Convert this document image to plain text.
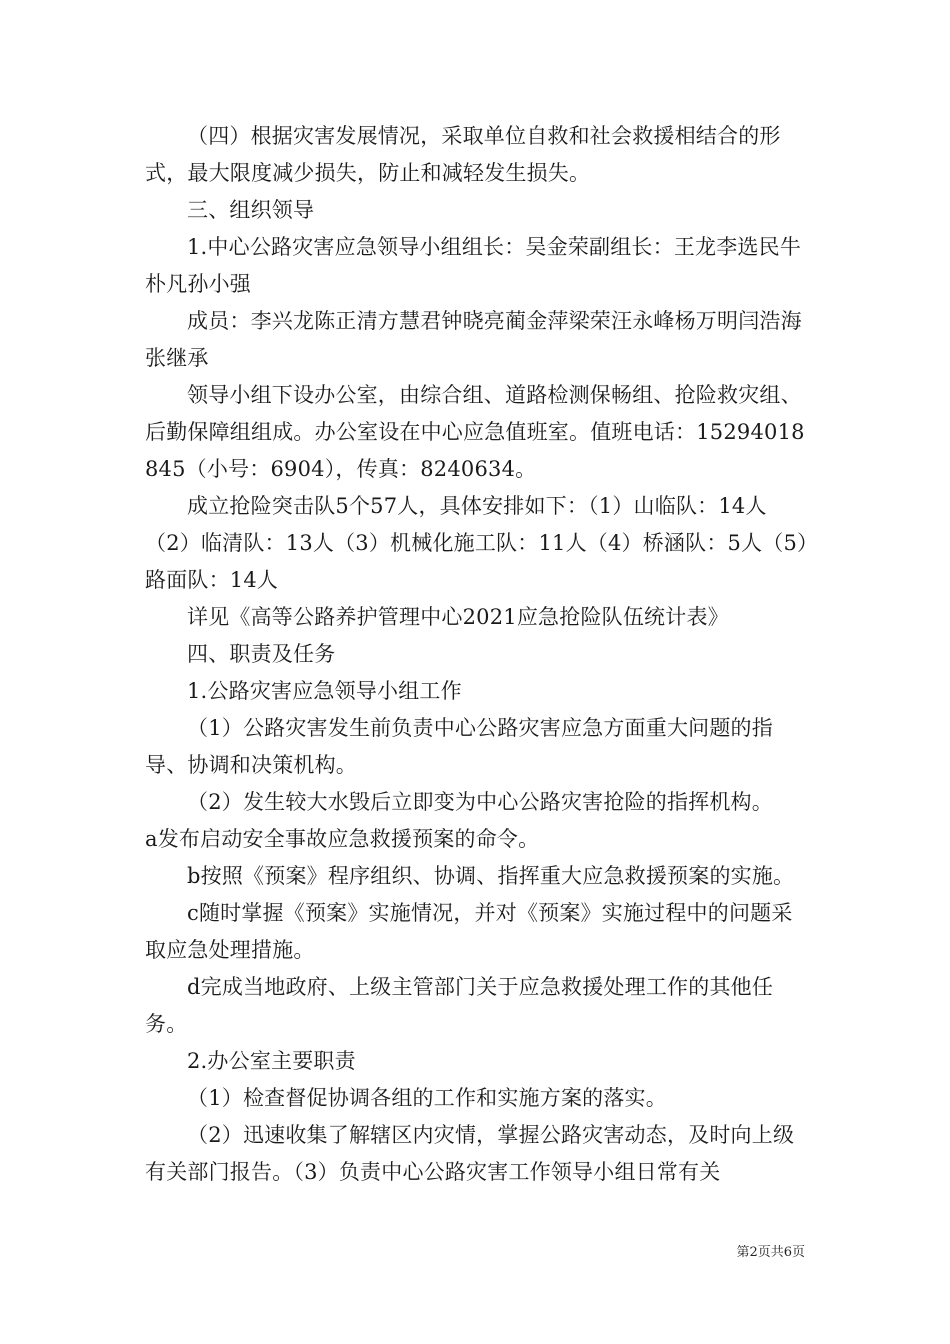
（四）根据灾害发展情况，采取单位自救和社会救援相结合的形式，最大限度减少损失，防止和减轻发生损失。

三、组织领导

1.中心公路灾害应急领导小组组长：吴金荣副组长：王龙李选民牛朴凡孙小强

成员：李兴龙陈正清方慧君钟晓亮蔺金萍梁荣汪永峰杨万明闫浩海张继承

领导小组下设办公室，由综合组、道路检测保畅组、抢险救灾组、后勤保障组组成。办公室设在中心应急值班室。值班电话：15294018845（小号：6904），传真：8240634。

成立抢险突击队5个57人，具体安排如下：（1）山临队：14人（2）临清队：13人（3）机械化施工队：11人（4）桥涵队：5人（5）路面队：14人

详见《高等公路养护管理中心2021应急抢险队伍统计表》

四、职责及任务

1.公路灾害应急领导小组工作

（1）公路灾害发生前负责中心公路灾害应急方面重大问题的指导、协调和决策机构。

（2）发生较大水毁后立即变为中心公路灾害抢险的指挥机构。

a发布启动安全事故应急救援预案的命令。

b按照《预案》程序组织、协调、指挥重大应急救援预案的实施。

c随时掌握《预案》实施情况，并对《预案》实施过程中的问题采取应急处理措施。

d完成当地政府、上级主管部门关于应急救援处理工作的其他任务。

2.办公室主要职责

（1）检查督促协调各组的工作和实施方案的落实。

（2）迅速收集了解辖区内灾情，掌握公路灾害动态，及时向上级有关部门报告。（3）负责中心公路灾害工作领导小组日常有关

第2页共6页
